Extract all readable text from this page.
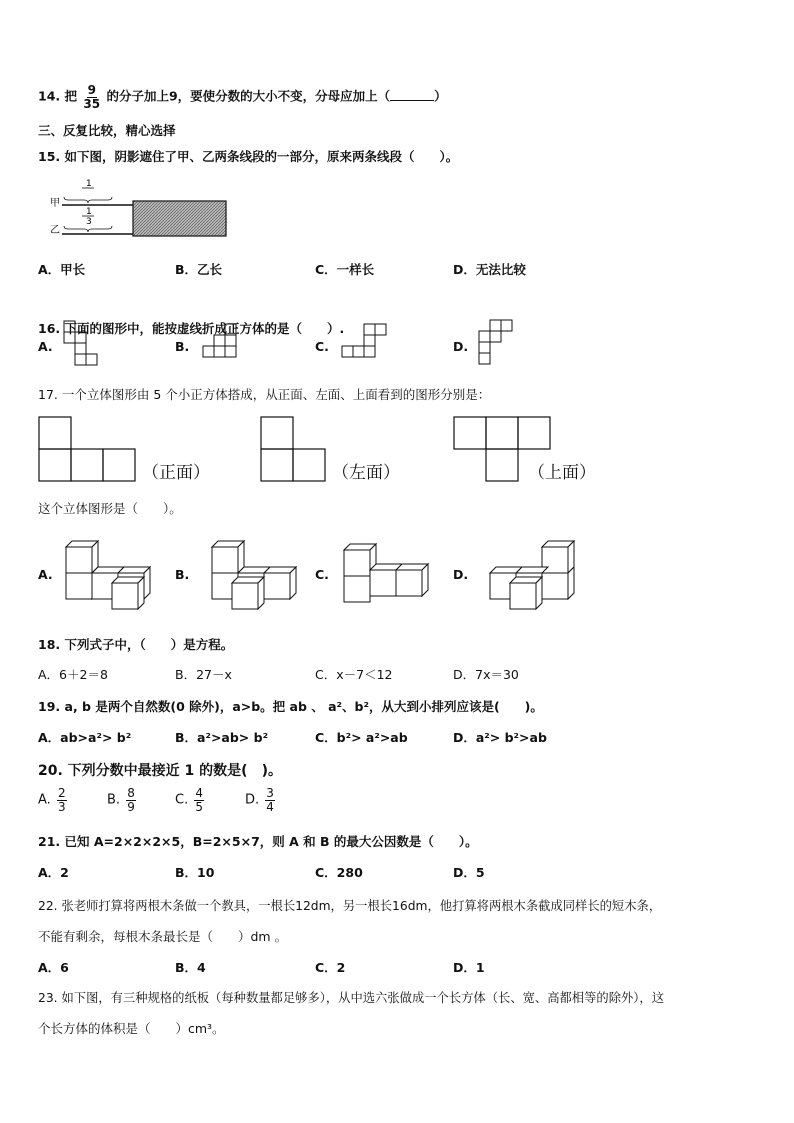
14. 把 $\frac{9}{35}$ 的分子加上9，要使分数的大小不变，分母应加上（	）
三、反复比较，精心选择
15. 如下图，阴影遮住了甲、乙两条线段的一部分，原来两条线段（　　）。
甲
乙
1
1
3
A．甲长	B．乙长	C．一样长	D．无法比较
16. 下面的图形中，能按虚线折成正方体的是（　　）.
A.	B.	C.	D.
17. 一个立体图形由 5 个小正方体搭成，从正面、左面、上面看到的图形分别是：
（正面）	（左面）	（上面）
这个立体图形是（　　）。
A.	B.	C.	D.
18. 下列式子中，（　　）是方程。
A．6＋2＝8	B．27－x	C．x－7＜12	D．7x＝30
19. a, b 是两个自然数(0 除外)，a>b。把 ab 、 a²、b²，从大到小排列应该是(　　)。
A．ab>a²> b²	B．a²>ab> b²	C．b²> a²>ab	D．a²> b²>ab
20. 下列分数中最接近 1 的数是(　)。
A. $\frac{2}{3}$	B. $\frac{8}{9}$	C. $\frac{4}{5}$	D. $\frac{3}{4}$
21. 已知 A=2×2×2×5，B=2×5×7，则 A 和 B 的最大公因数是（　　）。
A．2	B．10	C．280	D．5
22. 张老师打算将两根木条做一个教具，一根长12dm，另一根长16dm，他打算将两根木条截成同样长的短木条，
不能有剩余，每根木条最长是（　　）dm 。
A．6	B．4	C．2	D．1
23. 如下图，有三种规格的纸板（每种数量都足够多），从中选六张做成一个长方体（长、宽、高都相等的除外），这
个长方体的体积是（　　）cm³。
